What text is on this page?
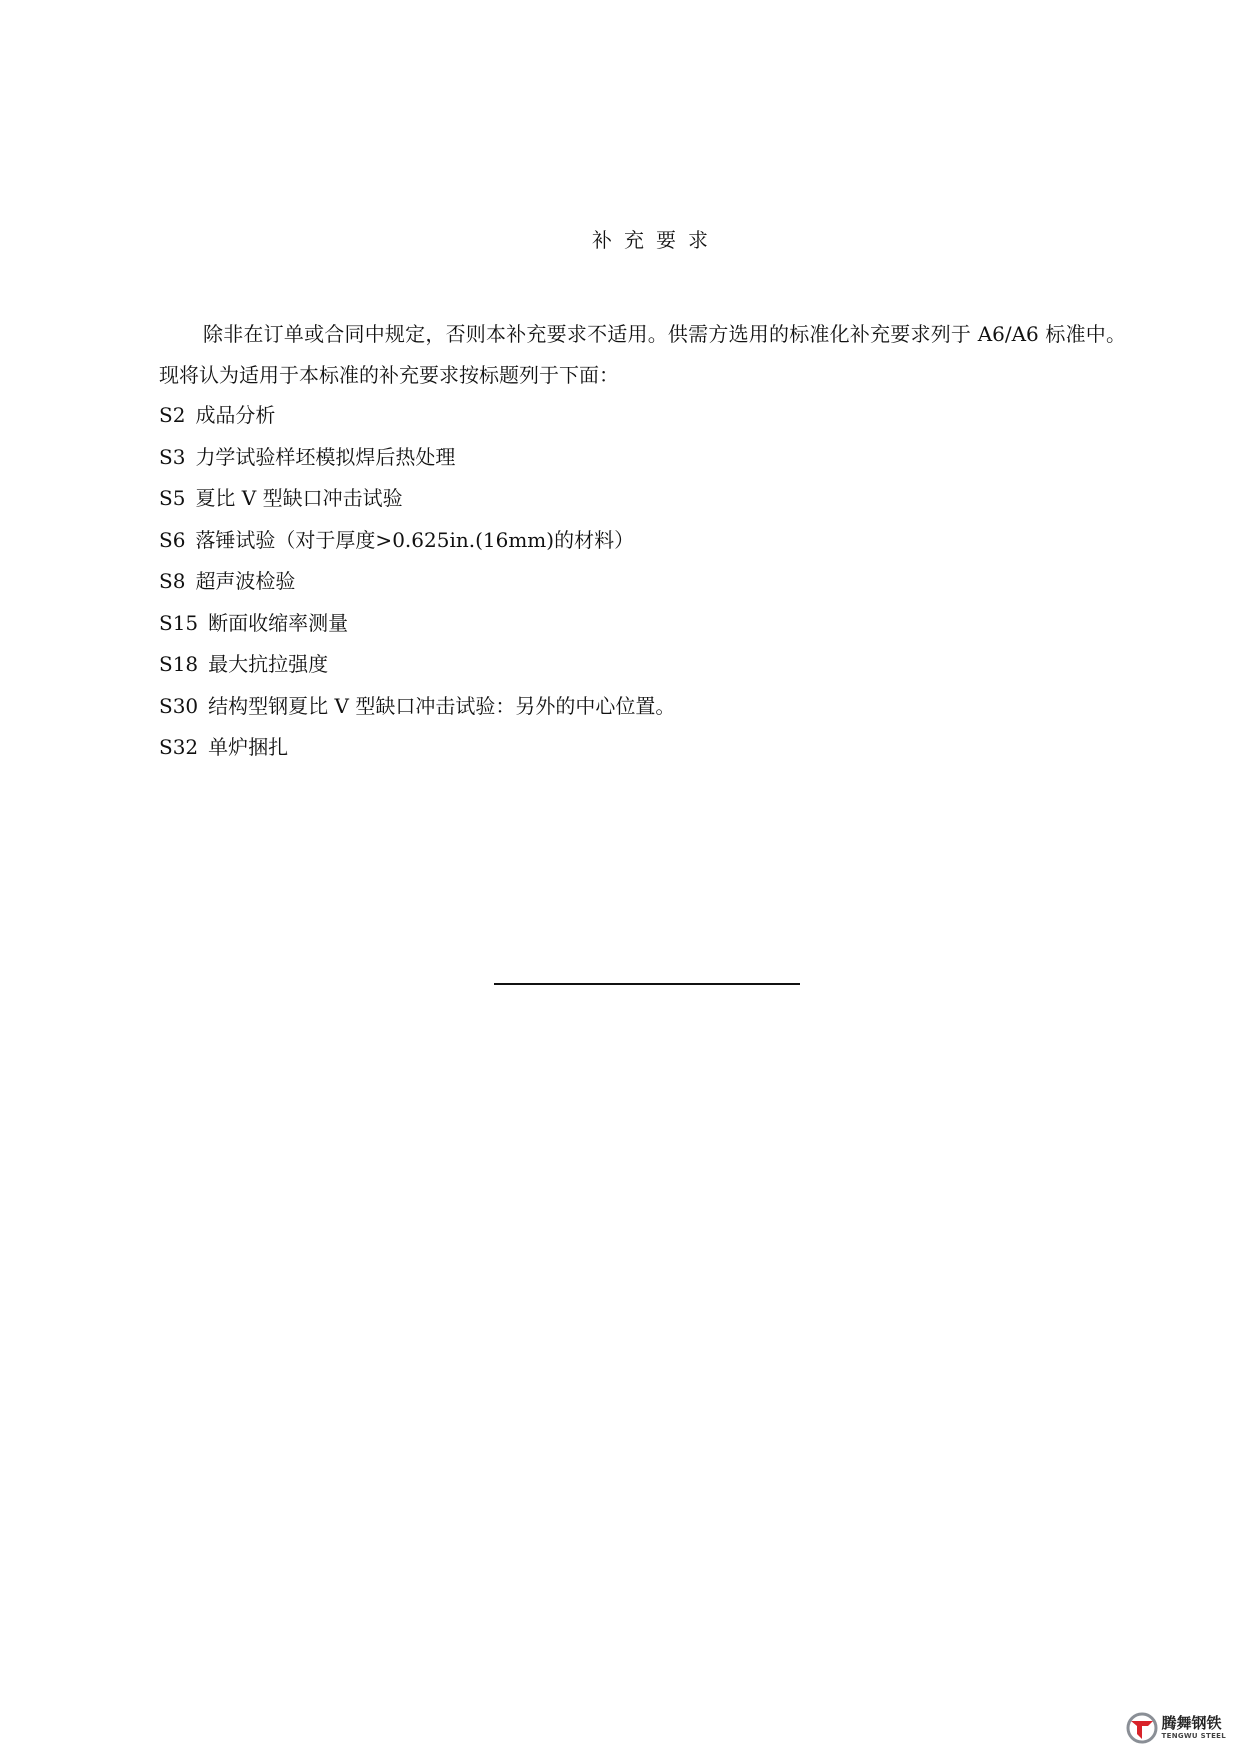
补充要求

除非在订单或合同中规定，否则本补充要求不适用。供需方选用的标准化补充要求列于 A6/A6 标准中。现将认为适用于本标准的补充要求按标题列于下面：

S2 成品分析
S3 力学试验样坯模拟焊后热处理
S5 夏比 V 型缺口冲击试验
S6 落锤试验（对于厚度>0.625in.(16mm)的材料）
S8 超声波检验
S15 断面收缩率测量
S18 最大抗拉强度
S30 结构型钢夏比 V 型缺口冲击试验：另外的中心位置。
S32 单炉捆扎
腾舞钢铁
TENGWU STEEL
